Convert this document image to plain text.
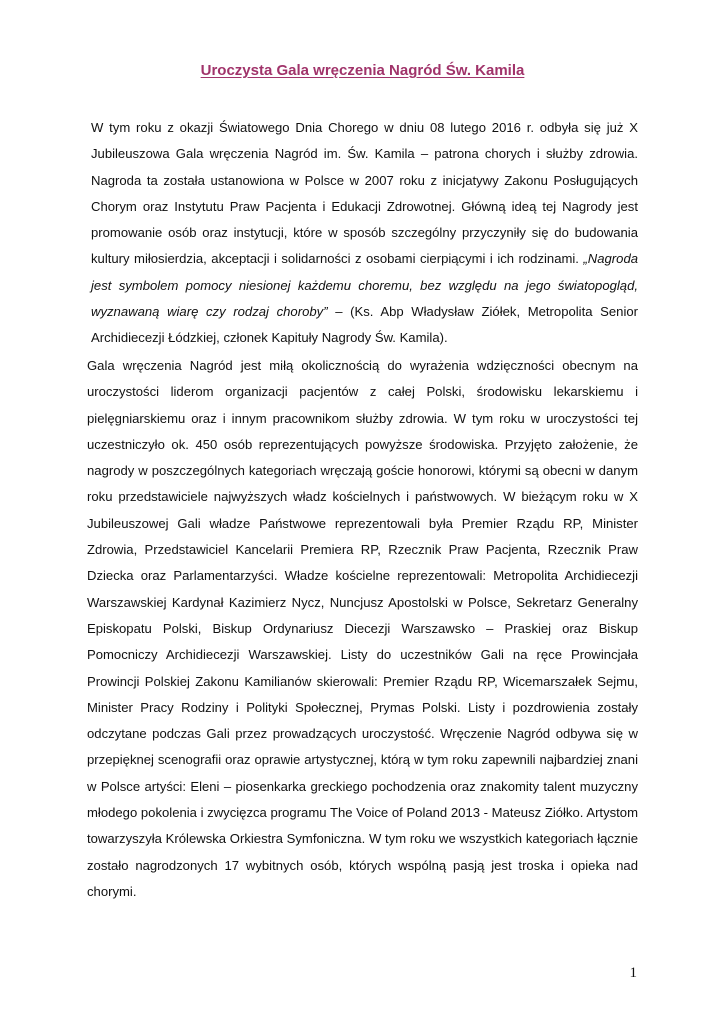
Uroczysta Gala wręczenia Nagród Św. Kamila
W tym roku z okazji Światowego Dnia Chorego w dniu 08 lutego 2016 r. odbyła się już X Jubileuszowa Gala wręczenia Nagród im. Św. Kamila – patrona chorych i służby zdrowia. Nagroda ta została ustanowiona w Polsce w 2007 roku z inicjatywy Zakonu Posługujących Chorym oraz Instytutu Praw Pacjenta i Edukacji Zdrowotnej. Główną ideą tej Nagrody jest promowanie osób oraz instytucji, które w sposób szczególny przyczyniły się do budowania kultury miłosierdzia, akceptacji i solidarności z osobami cierpiącymi i ich rodzinami. „Nagroda jest symbolem pomocy niesionej każdemu choremu, bez względu na jego światopogląd, wyznawaną wiarę czy rodzaj choroby” – (Ks. Abp Władysław Ziółek, Metropolita Senior Archidiecezji Łódzkiej, członek Kapituły Nagrody Św. Kamila).
Gala wręczenia Nagród jest miłą okolicznością do wyrażenia wdzięczności obecnym na uroczystości liderom organizacji pacjentów z całej Polski, środowisku lekarskiemu i pielęgniarskiemu oraz i innym pracownikom służby zdrowia. W tym roku w uroczystości tej uczestniczyło ok. 450 osób reprezentujących powyższe środowiska. Przyjęto założenie, że nagrody w poszczególnych kategoriach wręczają goście honorowi, którymi są obecni w danym roku przedstawiciele najwyższych władz kościelnych i państwowych. W bieżącym roku w X Jubileuszowej Gali władze Państwowe reprezentowali była Premier Rządu RP, Minister Zdrowia, Przedstawiciel Kancelarii Premiera RP, Rzecznik Praw Pacjenta, Rzecznik Praw Dziecka oraz Parlamentarzyści. Władze kościelne reprezentowali: Metropolita Archidiecezji Warszawskiej Kardynał Kazimierz Nycz, Nuncjusz Apostolski w Polsce, Sekretarz Generalny Episkopatu Polski, Biskup Ordynariusz Diecezji Warszawsko – Praskiej oraz Biskup Pomocniczy Archidiecezji Warszawskiej. Listy do uczestników Gali na ręce Prowincjała Prowincji Polskiej Zakonu Kamilianów skierowali: Premier Rządu RP, Wicemarszałek Sejmu, Minister Pracy Rodziny i Polityki Społecznej, Prymas Polski. Listy i pozdrowienia zostały odczytane podczas Gali przez prowadzących uroczystość. Wręczenie Nagród odbywa się w przepięknej scenografii oraz oprawie artystycznej, którą w tym roku zapewnili najbardziej znani w Polsce artyści: Eleni – piosenkarka greckiego pochodzenia oraz znakomity talent muzyczny młodego pokolenia i zwycięzca programu The Voice of Poland 2013 - Mateusz Ziółko. Artystom towarzyszyła Królewska Orkiestra Symfoniczna. W tym roku we wszystkich kategoriach łącznie zostało nagrodzonych 17 wybitnych osób, których wspólną pasją jest troska i opieka nad chorymi.
1
